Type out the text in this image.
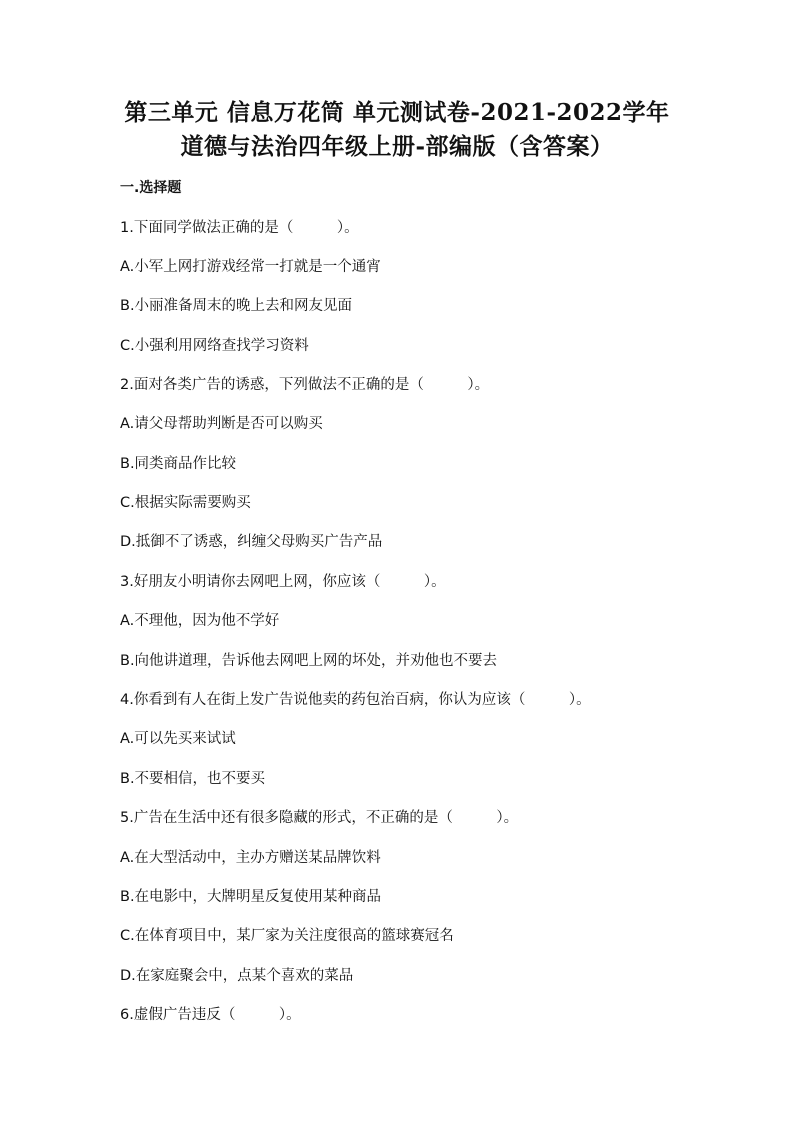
第三单元 信息万花筒 单元测试卷-2021-2022学年
道德与法治四年级上册-部编版（含答案）
一.选择题
1.下面同学做法正确的是（　　　）。
A.小军上网打游戏经常一打就是一个通宵
B.小丽准备周末的晚上去和网友见面
C.小强利用网络查找学习资料
2.面对各类广告的诱惑，下列做法不正确的是（　　　）。
A.请父母帮助判断是否可以购买
B.同类商品作比较
C.根据实际需要购买
D.抵御不了诱惑，纠缠父母购买广告产品
3.好朋友小明请你去网吧上网，你应该（　　　）。
A.不理他，因为他不学好
B.向他讲道理，告诉他去网吧上网的坏处，并劝他也不要去
4.你看到有人在街上发广告说他卖的药包治百病，你认为应该（　　　）。
A.可以先买来试试
B.不要相信，也不要买
5.广告在生活中还有很多隐藏的形式，不正确的是（　　　）。
A.在大型活动中，主办方赠送某品牌饮料
B.在电影中，大牌明星反复使用某种商品
C.在体育项目中，某厂家为关注度很高的篮球赛冠名
D.在家庭聚会中，点某个喜欢的菜品
6.虚假广告违反（　　　）。
